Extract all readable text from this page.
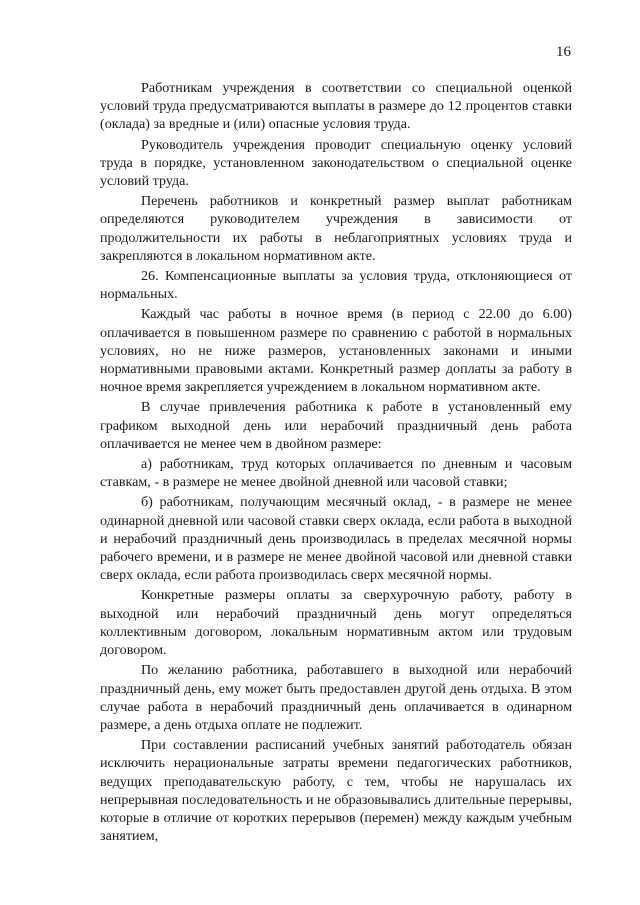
16

Работникам учреждения в соответствии со специальной оценкой условий труда предусматриваются выплаты в размере до 12 процентов ставки (оклада) за вредные и (или) опасные условия труда.

Руководитель учреждения проводит специальную оценку условий труда в порядке, установленном законодательством о специальной оценке условий труда.

Перечень работников и конкретный размер выплат работникам определяются руководителем учреждения в зависимости от продолжительности их работы в неблагоприятных условиях труда и закрепляются в локальном нормативном акте.

26. Компенсационные выплаты за условия труда, отклоняющиеся от нормальных.

Каждый час работы в ночное время (в период с 22.00 до 6.00) оплачивается в повышенном размере по сравнению с работой в нормальных условиях, но не ниже размеров, установленных законами и иными нормативными правовыми актами. Конкретный размер доплаты за работу в ночное время закрепляется учреждением в локальном нормативном акте.

В случае привлечения работника к работе в установленный ему графиком выходной день или нерабочий праздничный день работа оплачивается не менее чем в двойном размере:

а) работникам, труд которых оплачивается по дневным и часовым ставкам, - в размере не менее двойной дневной или часовой ставки;

б) работникам, получающим месячный оклад, - в размере не менее одинарной дневной или часовой ставки сверх оклада, если работа в выходной и нерабочий праздничный день производилась в пределах месячной нормы рабочего времени, и в размере не менее двойной часовой или дневной ставки сверх оклада, если работа производилась сверх месячной нормы.

Конкретные размеры оплаты за сверхурочную работу, работу в выходной или нерабочий праздничный день могут определяться коллективным договором, локальным нормативным актом или трудовым договором.

По желанию работника, работавшего в выходной или нерабочий праздничный день, ему может быть предоставлен другой день отдыха. В этом случае работа в нерабочий праздничный день оплачивается в одинарном размере, а день отдыха оплате не подлежит.

При составлении расписаний учебных занятий работодатель обязан исключить нерациональные затраты времени педагогических работников, ведущих преподавательскую работу, с тем, чтобы не нарушалась их непрерывная последовательность и не образовывались длительные перерывы, которые в отличие от коротких перерывов (перемен) между каждым учебным занятием,
